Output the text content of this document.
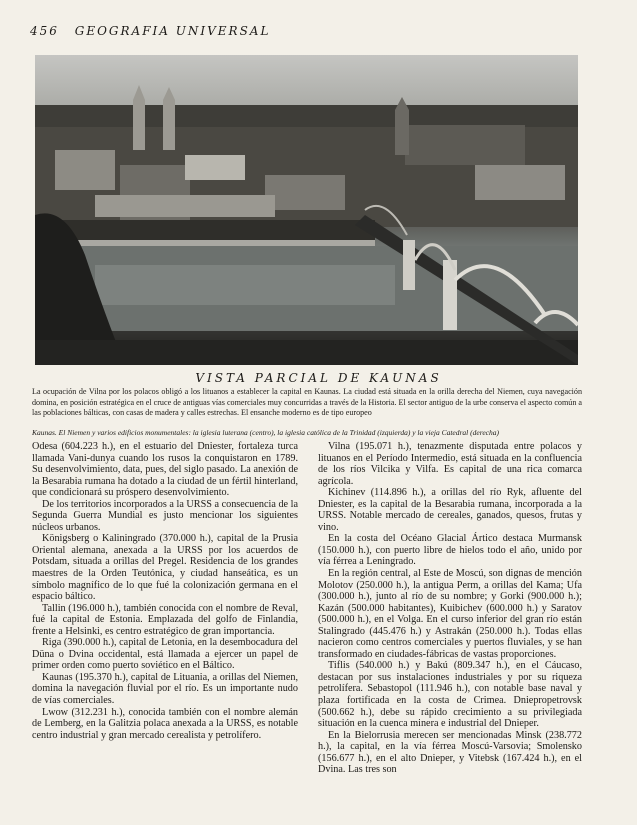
456 GEOGRAFIA UNIVERSAL
VISTA PARCIAL DE KAUNAS
La ocupación de Vilna por los polacos obligó a los lituanos a establecer la capital en Kaunas. La ciudad está situada en la orilla derecha del Niemen, cuya navegación domina, en posición estratégica en el cruce de antiguas vías comerciales muy concurridas a través de la Historia. El sector antiguo de la urbe conserva el aspecto común a las poblaciones bálticas, con casas de madera y calles estrechas. El ensanche moderno es de tipo europeo
Kaunas. El Niemen y varios edificios monumentales: la iglesia luterana (centro), la iglesia católica de la Trinidad (izquierda) y la vieja Catedral (derecha)

Odesa (604.223 h.), en el estuario del Dniester, fortaleza turca llamada Vani-dunya cuando los rusos la conquistaron en 1789. Su desenvolvimiento, data, pues, del siglo pasado. La anexión de la Besarabia rumana ha dotado a la ciudad de un fértil hinterland, que condicionará su próspero desenvolvimiento.

De los territorios incorporados a la URSS a consecuencia de la Segunda Guerra Mundial es justo mencionar los siguientes núcleos urbanos.

Königsberg o Kaliningrado (370.000 h.), capital de la Prusia Oriental alemana, anexada a la URSS por los acuerdos de Potsdam, situada a orillas del Pregel. Residencia de los grandes maestres de la Orden Teutónica, y ciudad hanseática, es un símbolo magnífico de lo que fué la colonización germana en el espacio báltico.

Tallin (196.000 h.), también conocida con el nombre de Reval, fué la capital de Estonia. Emplazada del golfo de Finlandia, frente a Helsinki, es centro estratégico de gran importancia.

Riga (390.000 h.), capital de Letonia, en la desembocadura del Düna o Dvina occidental, está llamada a ejercer un papel de primer orden como puerto soviético en el Báltico.

Kaunas (195.370 h.), capital de Lituania, a orillas del Niemen, domina la navegación fluvial por el río. Es un importante nudo de vías comerciales.

Lwow (312.231 h.), conocida también con el nombre alemán de Lemberg, en la Galitzia polaca anexada a la URSS, es notable centro industrial y gran mercado cerealista y petrolífero.

Vilna (195.071 h.), tenazmente disputada entre polacos y lituanos en el Período Intermedio, está situada en la confluencia de los ríos Vilcika y Vilfa. Es capital de una rica comarca agrícola.

Kichinev (114.896 h.), a orillas del río Ryk, afluente del Dniester, es la capital de la Besarabia rumana, incorporada a la URSS. Notable mercado de cereales, ganados, quesos, frutas y vino.

En la costa del Océano Glacial Ártico destaca Murmansk (150.000 h.), con puerto libre de hielos todo el año, unido por vía férrea a Leningrado.

En la región central, al Este de Moscú, son dignas de mención Molotov (250.000 h.), la antigua Perm, a orillas del Kama; Ufa (300.000 h.), junto al río de su nombre; y Gorki (900.000 h.); Kazán (500.000 habitantes), Kuibichev (600.000 h.) y Saratov (500.000 h.), en el Volga. En el curso inferior del gran río están Stalingrado (445.476 h.) y Astrakán (250.000 h.). Todas ellas nacieron como centros comerciales y puertos fluviales, y se han transformado en ciudades-fábricas de vastas proporciones.

Tiflis (540.000 h.) y Bakú (809.347 h.), en el Cáucaso, destacan por sus instalaciones industriales y por su riqueza petrolífera. Sebastopol (111.946 h.), con notable base naval y plaza fortificada en la costa de Crimea. Dniepropetrovsk (500.662 h.), debe su rápido crecimiento a su privilegiada situación en la cuenca minera e industrial del Dnieper.

En la Bielorrusia merecen ser mencionadas Minsk (238.772 h.), la capital, en la vía férrea Moscú-Varsovia; Smolensko (156.677 h.), en el alto Dnieper, y Vitebsk (167.424 h.), en el Dvina. Las tres son
